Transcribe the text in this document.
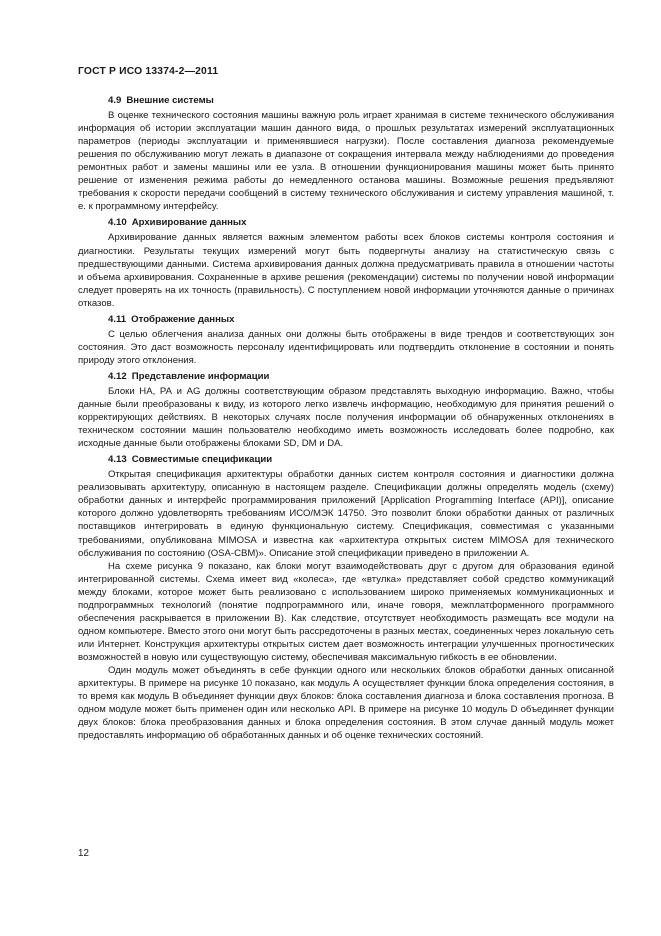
ГОСТ Р ИСО 13374-2—2011
4.9 Внешние системы

В оценке технического состояния машины важную роль играет хранимая в системе технического обслуживания информация об истории эксплуатации машин данного вида, о прошлых результатах измерений эксплуатационных параметров (периоды эксплуатации и применявшиеся нагрузки). После составления диагноза рекомендуемые решения по обслуживанию могут лежать в диапазоне от сокращения интервала между наблюдениями до проведения ремонтных работ и замены машины или ее узла. В отношении функционирования машины может быть принято решение от изменения режима работы до немедленного останова машины. Возможные решения предъявляют требования к скорости передачи сообщений в систему технического обслуживания и систему управления машиной, т. е. к программному интерфейсу.

4.10 Архивирование данных

Архивирование данных является важным элементом работы всех блоков системы контроля состояния и диагностики. Результаты текущих измерений могут быть подвергнуты анализу на статистическую связь с предшествующими данными. Система архивирования данных должна предусматривать правила в отношении частоты и объема архивирования. Сохраненные в архиве решения (рекомендации) системы по получении новой информации следует проверять на их точность (правильность). С поступлением новой информации уточняются данные о причинах отказов.

4.11 Отображение данных

С целью облегчения анализа данных они должны быть отображены в виде трендов и соответствующих зон состояния. Это даст возможность персоналу идентифицировать или подтвердить отклонение в состоянии и понять природу этого отклонения.

4.12 Представление информации

Блоки НА, РА и AG должны соответствующим образом представлять выходную информацию. Важно, чтобы данные были преобразованы к виду, из которого легко извлечь информацию, необходимую для принятия решений о корректирующих действиях. В некоторых случаях после получения информации об обнаруженных отклонениях в техническом состоянии машин пользователю необходимо иметь возможность исследовать более подробно, как исходные данные были отображены блоками SD, DM и DA.

4.13 Совместимые спецификации

Открытая спецификация архитектуры обработки данных систем контроля состояния и диагностики должна реализовывать архитектуру, описанную в настоящем разделе. Спецификации должны определять модель (схему) обработки данных и интерфейс программирования приложений [Application Programming Interface (API)], описание которого должно удовлетворять требованиям ИСО/МЭК 14750. Это позволит блоки обработки данных от различных поставщиков интегрировать в единую функциональную систему. Спецификация, совместимая с указанными требованиями, опубликована MIMOSA и известна как «архитектура открытых систем MIMOSA для технического обслуживания по состоянию (OSA-CBM)». Описание этой спецификации приведено в приложении А.

На схеме рисунка 9 показано, как блоки могут взаимодействовать друг с другом для образования единой интегрированной системы. Схема имеет вид «колеса», где «втулка» представляет собой средство коммуникаций между блоками, которое может быть реализовано с использованием широко применяемых коммуникационных и подпрограммных технологий (понятие подпрограммного или, иначе говоря, межплатформенного программного обеспечения раскрывается в приложении В). Как следствие, отсутствует необходимость размещать все модули на одном компьютере. Вместо этого они могут быть рассредоточены в разных местах, соединенных через локальную сеть или Интернет. Конструкция архитектуры открытых систем дает возможность интеграции улучшенных прогностических возможностей в новую или существующую систему, обеспечивая максимальную гибкость в ее обновлении.

Один модуль может объединять в себе функции одного или нескольких блоков обработки данных описанной архитектуры. В примере на рисунке 10 показано, как модуль А осуществляет функции блока определения состояния, в то время как модуль В объединяет функции двух блоков: блока составления диагноза и блока составления прогноза. В одном модуле может быть применен один или несколько API. В примере на рисунке 10 модуль D объединяет функции двух блоков: блока преобразования данных и блока определения состояния. В этом случае данный модуль может предоставлять информацию об обработанных данных и об оценке технических состояний.

12
